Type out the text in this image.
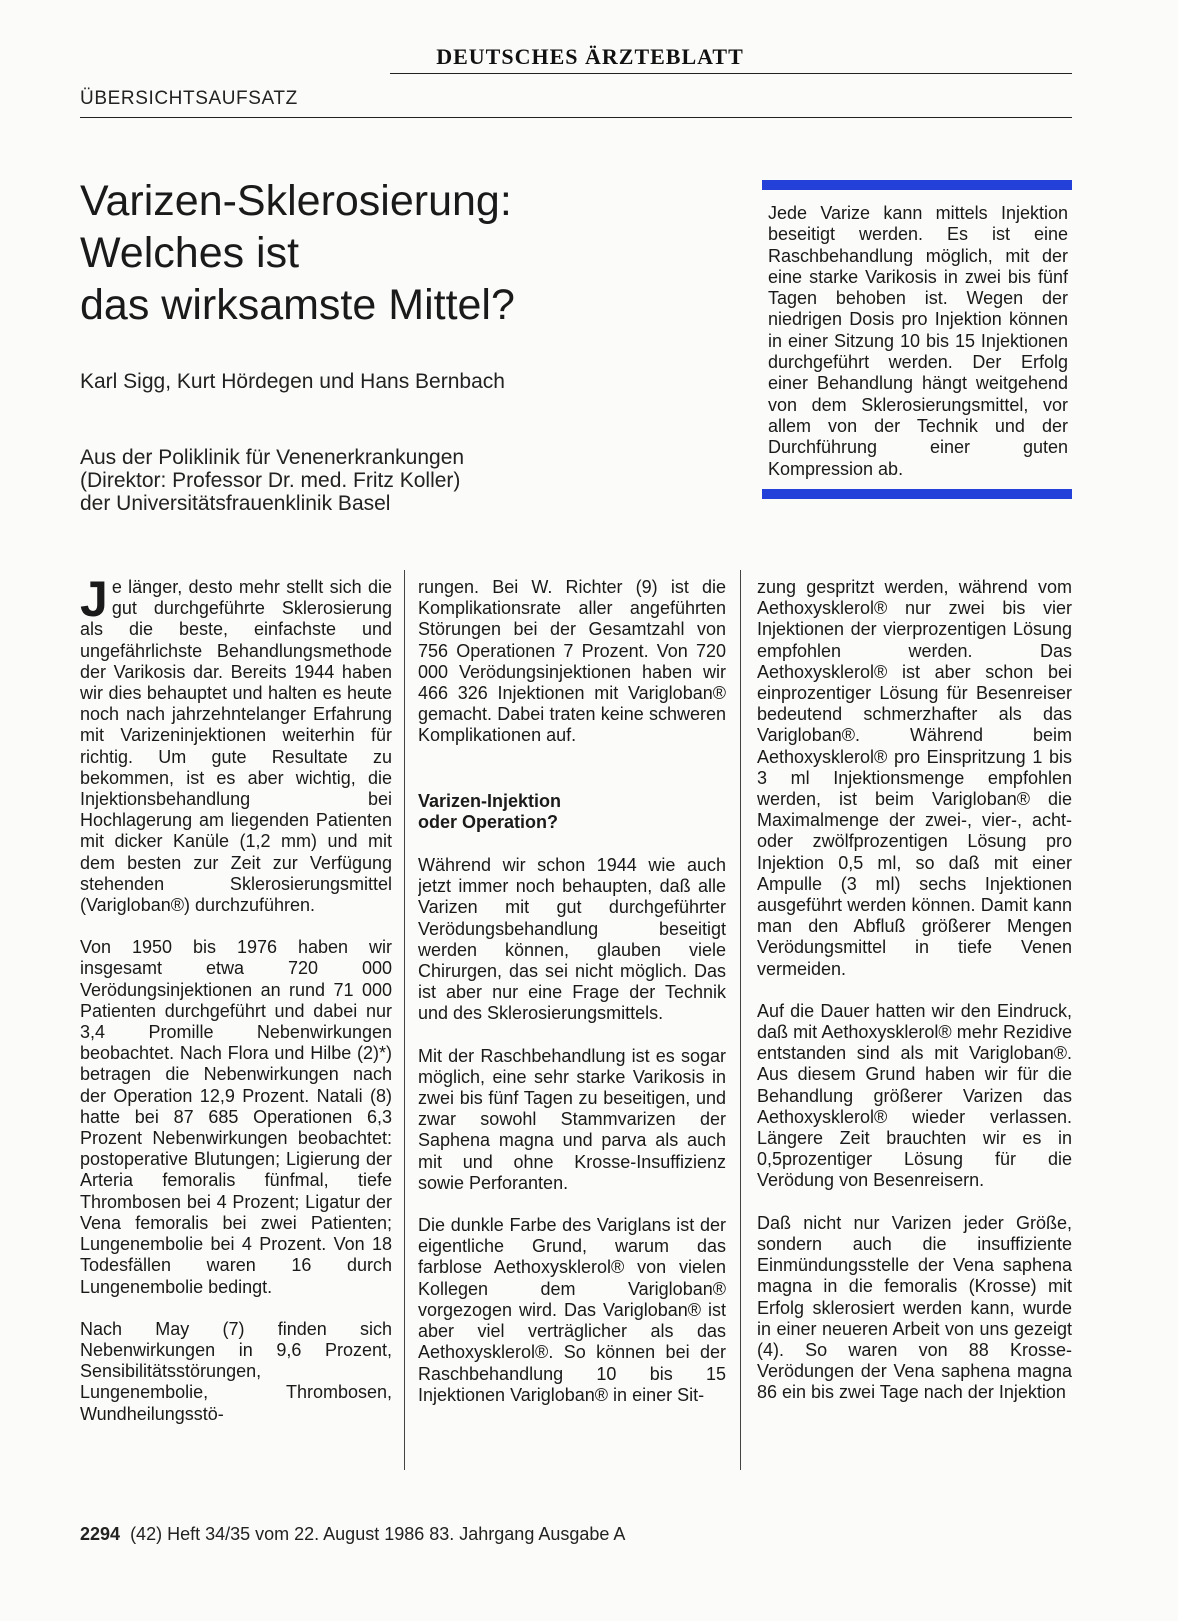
DEUTSCHES ÄRZTEBLATT
ÜBERSICHTSAUFSATZ
Varizen-Sklerosierung:
Welches ist
das wirksamste Mittel?
Karl Sigg, Kurt Hördegen und Hans Bernbach
Aus der Poliklinik für Venenerkrankungen
(Direktor: Professor Dr. med. Fritz Koller)
der Universitätsfrauenklinik Basel
Jede Varize kann mittels Injektion beseitigt werden. Es ist eine Raschbehandlung möglich, mit der eine starke Varikosis in zwei bis fünf Tagen behoben ist. Wegen der niedrigen Dosis pro Injektion können in einer Sitzung 10 bis 15 Injektionen durchgeführt werden. Der Erfolg einer Behandlung hängt weitgehend von dem Sklerosierungsmittel, vor allem von der Technik und der Durchführung einer guten Kompression ab.

Je länger, desto mehr stellt sich die gut durchgeführte Sklerosierung als die beste, einfachste und ungefährlichste Behandlungsmethode der Varikosis dar. Bereits 1944 haben wir dies behauptet und halten es heute noch nach jahrzehntelanger Erfahrung mit Varizeninjektionen weiterhin für richtig. Um gute Resultate zu bekommen, ist es aber wichtig, die Injektionsbehandlung bei Hochlagerung am liegenden Patienten mit dicker Kanüle (1,2 mm) und mit dem besten zur Zeit zur Verfügung stehenden Sklerosierungsmittel (Varigloban®) durchzuführen.

Von 1950 bis 1976 haben wir insgesamt etwa 720 000 Verödungsinjektionen an rund 71 000 Patienten durchgeführt und dabei nur 3,4 Promille Nebenwirkungen beobachtet. Nach Flora und Hilbe (2)*) betragen die Nebenwirkungen nach der Operation 12,9 Prozent. Natali (8) hatte bei 87 685 Operationen 6,3 Prozent Nebenwirkungen beobachtet: postoperative Blutungen; Ligierung der Arteria femoralis fünfmal, tiefe Thrombosen bei 4 Prozent; Ligatur der Vena femoralis bei zwei Patienten; Lungenembolie bei 4 Prozent. Von 18 Todesfällen waren 16 durch Lungenembolie bedingt.

Nach May (7) finden sich Nebenwirkungen in 9,6 Prozent, Sensibilitätsstörungen, Lungenembolie, Thrombosen, Wundheilungsstö-

rungen. Bei W. Richter (9) ist die Komplikationsrate aller angeführten Störungen bei der Gesamtzahl von 756 Operationen 7 Prozent. Von 720 000 Verödungsinjektionen haben wir 466 326 Injektionen mit Varigloban® gemacht. Dabei traten keine schweren Komplikationen auf.

Varizen-Injektion
oder Operation?

Während wir schon 1944 wie auch jetzt immer noch behaupten, daß alle Varizen mit gut durchgeführter Verödungsbehandlung beseitigt werden können, glauben viele Chirurgen, das sei nicht möglich. Das ist aber nur eine Frage der Technik und des Sklerosierungsmittels.

Mit der Raschbehandlung ist es sogar möglich, eine sehr starke Varikosis in zwei bis fünf Tagen zu beseitigen, und zwar sowohl Stammvarizen der Saphena magna und parva als auch mit und ohne Krosse-Insuffizienz sowie Perforanten.

Die dunkle Farbe des Variglans ist der eigentliche Grund, warum das farblose Aethoxysklerol® von vielen Kollegen dem Varigloban® vorgezogen wird. Das Varigloban® ist aber viel verträglicher als das Aethoxysklerol®. So können bei der Raschbehandlung 10 bis 15 Injektionen Varigloban® in einer Sit-

zung gespritzt werden, während vom Aethoxysklerol® nur zwei bis vier Injektionen der vierprozentigen Lösung empfohlen werden. Das Aethoxysklerol® ist aber schon bei einprozentiger Lösung für Besenreiser bedeutend schmerzhafter als das Varigloban®. Während beim Aethoxysklerol® pro Einspritzung 1 bis 3 ml Injektionsmenge empfohlen werden, ist beim Varigloban® die Maximalmenge der zwei-, vier-, acht- oder zwölfprozentigen Lösung pro Injektion 0,5 ml, so daß mit einer Ampulle (3 ml) sechs Injektionen ausgeführt werden können. Damit kann man den Abfluß größerer Mengen Verödungsmittel in tiefe Venen vermeiden.

Auf die Dauer hatten wir den Eindruck, daß mit Aethoxysklerol® mehr Rezidive entstanden sind als mit Varigloban®. Aus diesem Grund haben wir für die Behandlung größerer Varizen das Aethoxysklerol® wieder verlassen. Längere Zeit brauchten wir es in 0,5prozentiger Lösung für die Verödung von Besenreisern.

Daß nicht nur Varizen jeder Größe, sondern auch die insuffiziente Einmündungsstelle der Vena saphena magna in die femoralis (Krosse) mit Erfolg sklerosiert werden kann, wurde in einer neueren Arbeit von uns gezeigt (4). So waren von 88 Krosse-Verödungen der Vena saphena magna 86 ein bis zwei Tage nach der Injektion

2294 (42) Heft 34/35 vom 22. August 1986 83. Jahrgang Ausgabe A
